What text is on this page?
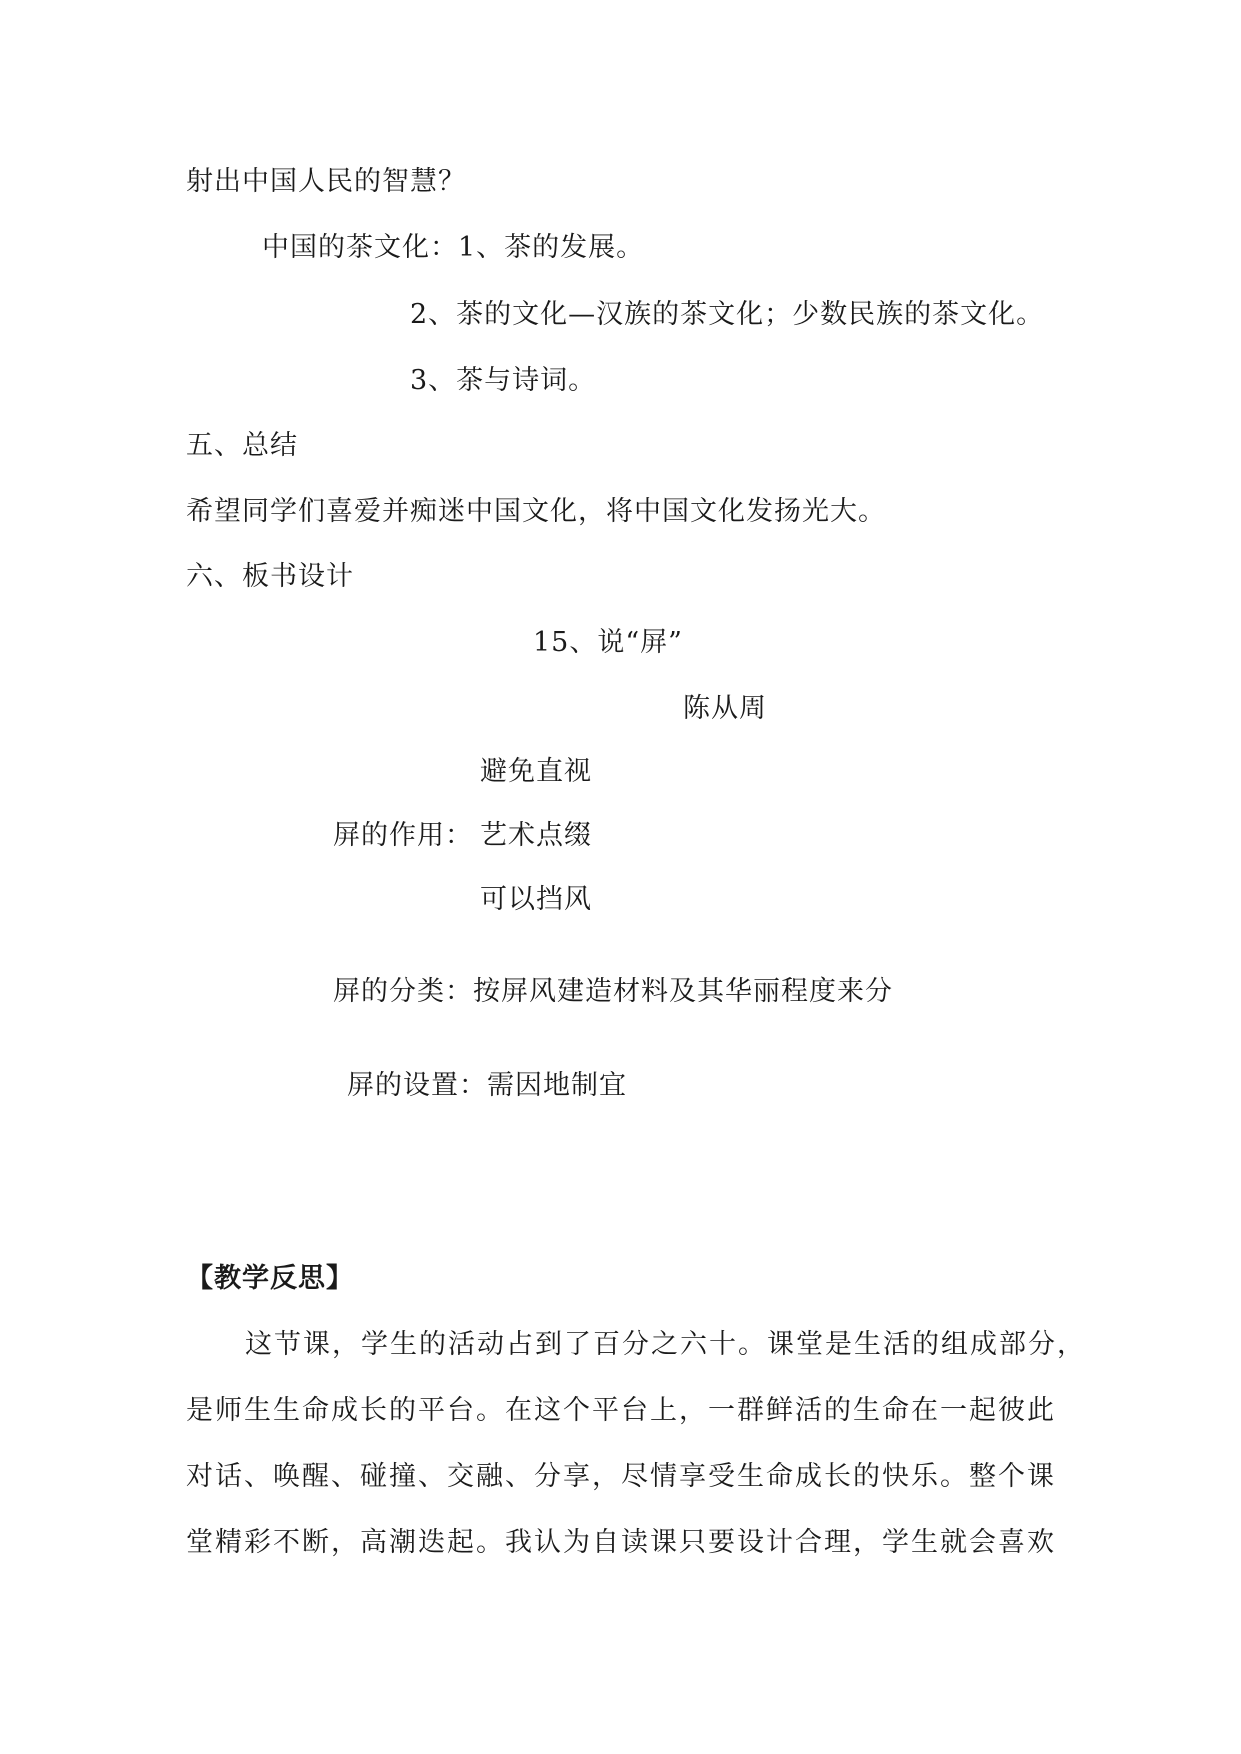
射出中国人民的智慧？
中国的茶文化：1、茶的发展。
2、茶的文化—汉族的茶文化；少数民族的茶文化。
3、茶与诗词。
五、总结
希望同学们喜爱并痴迷中国文化，将中国文化发扬光大。
六、板书设计
15、说“屏”
陈从周
避免直视
屏的作用： 艺术点缀
可以挡风
屏的分类：按屏风建造材料及其华丽程度来分
屏的设置：需因地制宜
【教学反思】
这节课，学生的活动占到了百分之六十。课堂是生活的组成部分，
是师生生命成长的平台。在这个平台上，一群鲜活的生命在一起彼此
对话、唤醒、碰撞、交融、分享，尽情享受生命成长的快乐。整个课
堂精彩不断，高潮迭起。我认为自读课只要设计合理，学生就会喜欢
